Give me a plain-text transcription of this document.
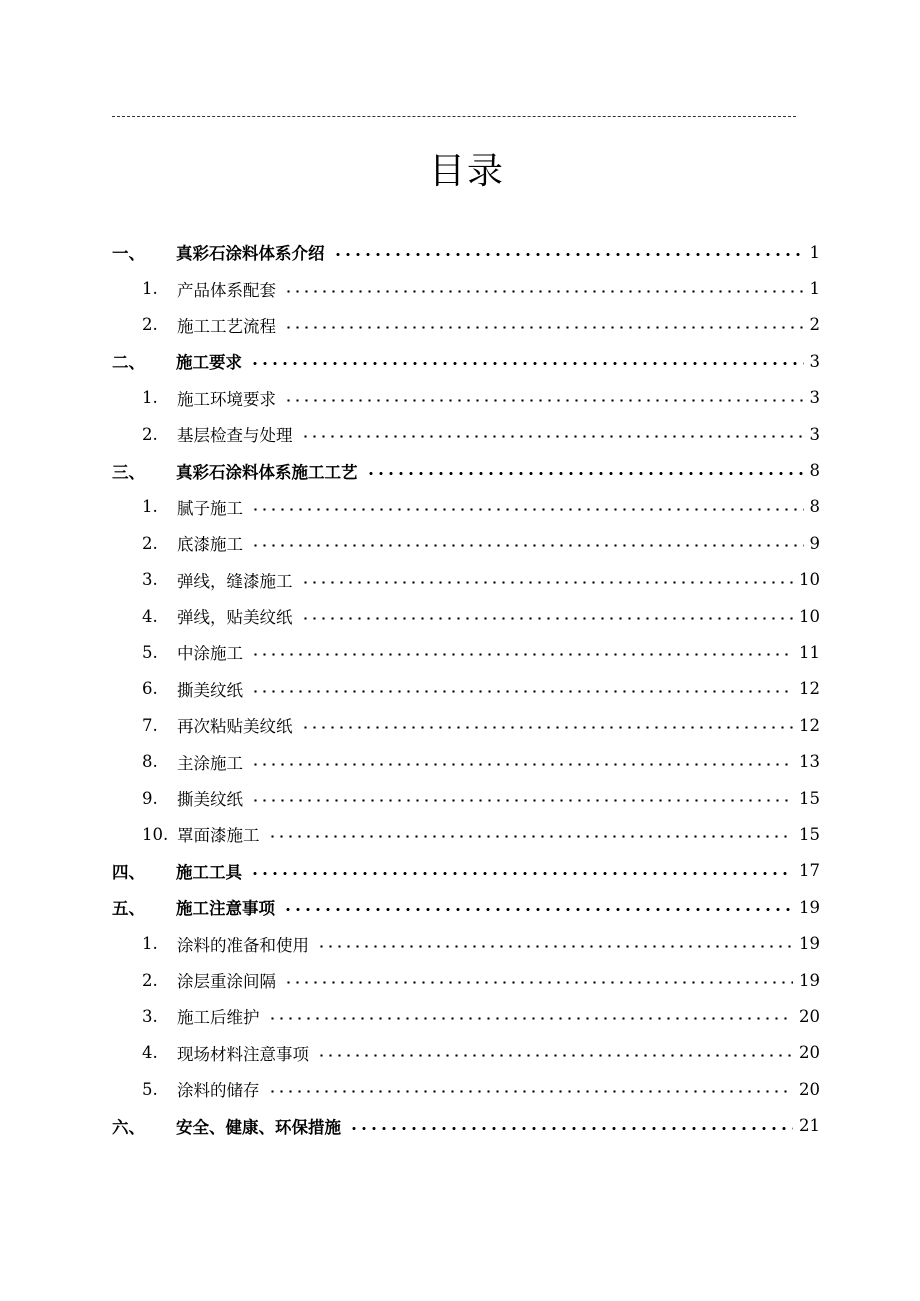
目录
一、	真彩石涂料体系介绍	1
1.	产品体系配套	1
2.	施工工艺流程	2
二、	施工要求	3
1.	施工环境要求	3
2.	基层检查与处理	3
三、	真彩石涂料体系施工工艺	8
1.	腻子施工	8
2.	底漆施工	9
3.	弹线，缝漆施工	10
4.	弹线，贴美纹纸	10
5.	中涂施工	11
6.	撕美纹纸	12
7.	再次粘贴美纹纸	12
8.	主涂施工	13
9.	撕美纹纸	15
10. 罩面漆施工	15
四、	施工工具	17
五、	施工注意事项	19
1.	涂料的准备和使用	19
2.	涂层重涂间隔	19
3.	施工后维护	20
4.	现场材料注意事项	20
5.	涂料的储存	20
六、	安全、健康、环保措施	21
